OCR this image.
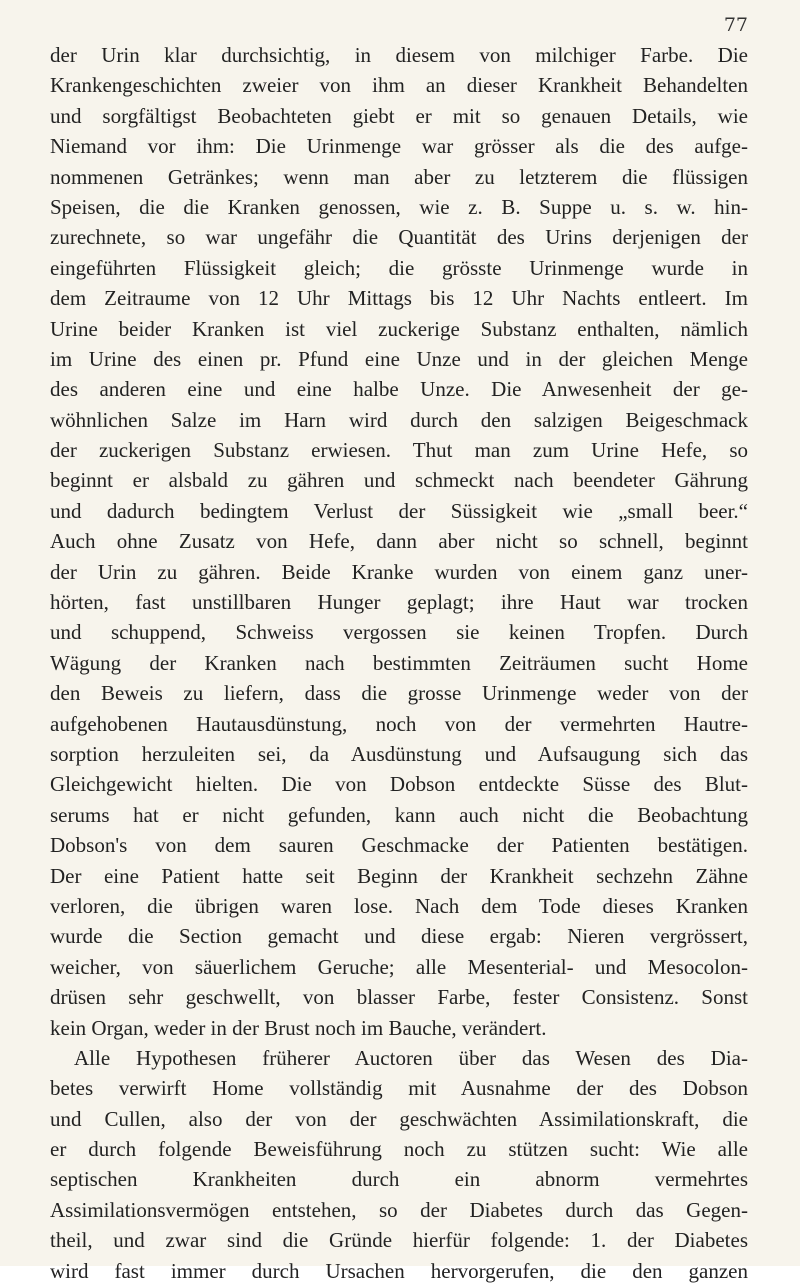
77
der Urin klar durchsichtig, in diesem von milchiger Farbe. Die
Krankengeschichten zweier von ihm an dieser Krankheit Behandelten
und sorgfältigst Beobachteten giebt er mit so genauen Details, wie
Niemand vor ihm: Die Urinmenge war grösser als die des aufge-
nommenen Getränkes; wenn man aber zu letzterem die flüssigen
Speisen, die die Kranken genossen, wie z. B. Suppe u. s. w. hin-
zurechnete, so war ungefähr die Quantität des Urins derjenigen der
eingeführten Flüssigkeit gleich; die grösste Urinmenge wurde in
dem Zeitraume von 12 Uhr Mittags bis 12 Uhr Nachts entleert. Im
Urine beider Kranken ist viel zuckerige Substanz enthalten, nämlich
im Urine des einen pr. Pfund eine Unze und in der gleichen Menge
des anderen eine und eine halbe Unze. Die Anwesenheit der ge-
wöhnlichen Salze im Harn wird durch den salzigen Beigeschmack
der zuckerigen Substanz erwiesen. Thut man zum Urine Hefe, so
beginnt er alsbald zu gähren und schmeckt nach beendeter Gährung
und dadurch bedingtem Verlust der Süssigkeit wie „small beer.“
Auch ohne Zusatz von Hefe, dann aber nicht so schnell, beginnt
der Urin zu gähren. Beide Kranke wurden von einem ganz uner-
hörten, fast unstillbaren Hunger geplagt; ihre Haut war trocken
und schuppend, Schweiss vergossen sie keinen Tropfen. Durch
Wägung der Kranken nach bestimmten Zeiträumen sucht Home
den Beweis zu liefern, dass die grosse Urinmenge weder von der
aufgehobenen Hautausdünstung, noch von der vermehrten Hautre-
sorption herzuleiten sei, da Ausdünstung und Aufsaugung sich das
Gleichgewicht hielten. Die von Dobson entdeckte Süsse des Blut-
serums hat er nicht gefunden, kann auch nicht die Beobachtung
Dobson's von dem sauren Geschmacke der Patienten bestätigen.
Der eine Patient hatte seit Beginn der Krankheit sechzehn Zähne
verloren, die übrigen waren lose. Nach dem Tode dieses Kranken
wurde die Section gemacht und diese ergab: Nieren vergrössert,
weicher, von säuerlichem Geruche; alle Mesenterial- und Mesocolon-
drüsen sehr geschwellt, von blasser Farbe, fester Consistenz. Sonst
kein Organ, weder in der Brust noch im Bauche, verändert.
Alle Hypothesen früherer Auctoren über das Wesen des Dia-
betes verwirft Home vollständig mit Ausnahme der des Dobson
und Cullen, also der von der geschwächten Assimilationskraft, die
er durch folgende Beweisführung noch zu stützen sucht: Wie alle
septischen Krankheiten durch ein abnorm vermehrtes
Assimilationsvermögen entstehen, so der Diabetes durch das Gegen-
theil, und zwar sind die Gründe hierfür folgende: 1. der Diabetes
wird fast immer durch Ursachen hervorgerufen, die den ganzen
